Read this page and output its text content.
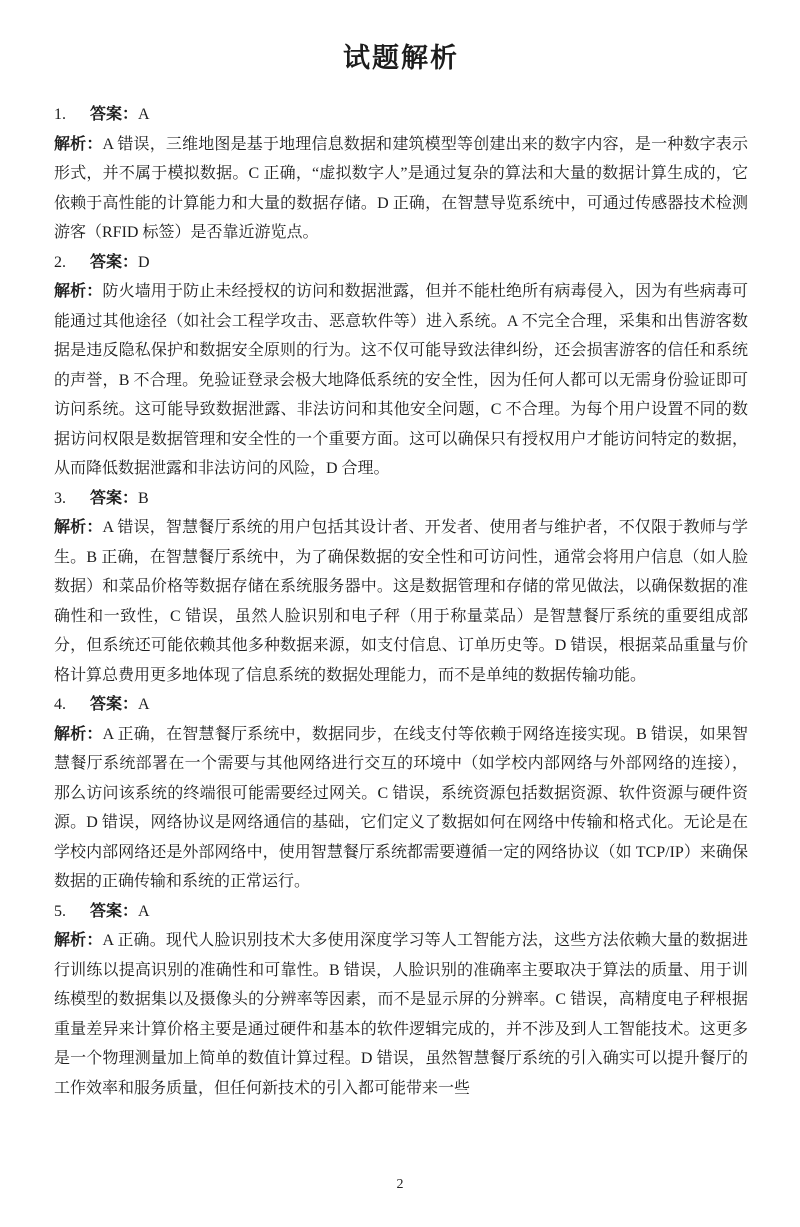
试题解析
1. 答案：A

解析：A 错误，三维地图是基于地理信息数据和建筑模型等创建出来的数字内容，是一种数字表示形式，并不属于模拟数据。C 正确，“虚拟数字人”是通过复杂的算法和大量的数据计算生成的，它依赖于高性能的计算能力和大量的数据存储。D 正确，在智慧导览系统中，可通过传感器技术检测游客（RFID 标签）是否靠近游览点。

2. 答案：D

解析：防火墙用于防止未经授权的访问和数据泄露，但并不能杜绝所有病毒侵入，因为有些病毒可能通过其他途径（如社会工程学攻击、恶意软件等）进入系统。A 不完全合理，采集和出售游客数据是违反隐私保护和数据安全原则的行为。这不仅可能导致法律纠纷，还会损害游客的信任和系统的声誉，B 不合理。免验证登录会极大地降低系统的安全性，因为任何人都可以无需身份验证即可访问系统。这可能导致数据泄露、非法访问和其他安全问题，C 不合理。为每个用户设置不同的数据访问权限是数据管理和安全性的一个重要方面。这可以确保只有授权用户才能访问特定的数据，从而降低数据泄露和非法访问的风险，D 合理。

3. 答案：B

解析：A 错误，智慧餐厅系统的用户包括其设计者、开发者、使用者与维护者，不仅限于教师与学生。B 正确，在智慧餐厅系统中，为了确保数据的安全性和可访问性，通常会将用户信息（如人脸数据）和菜品价格等数据存储在系统服务器中。这是数据管理和存储的常见做法，以确保数据的准确性和一致性，C 错误，虽然人脸识别和电子秤（用于称量菜品）是智慧餐厅系统的重要组成部分，但系统还可能依赖其他多种数据来源，如支付信息、订单历史等。D 错误，根据菜品重量与价格计算总费用更多地体现了信息系统的数据处理能力，而不是单纯的数据传输功能。

4. 答案：A

解析：A 正确，在智慧餐厅系统中，数据同步，在线支付等依赖于网络连接实现。B 错误，如果智慧餐厅系统部署在一个需要与其他网络进行交互的环境中（如学校内部网络与外部网络的连接），那么访问该系统的终端很可能需要经过网关。C 错误，系统资源包括数据资源、软件资源与硬件资源。D 错误，网络协议是网络通信的基础，它们定义了数据如何在网络中传输和格式化。无论是在学校内部网络还是外部网络中，使用智慧餐厅系统都需要遵循一定的网络协议（如 TCP/IP）来确保数据的正确传输和系统的正常运行。

5. 答案：A

解析：A 正确。现代人脸识别技术大多使用深度学习等人工智能方法，这些方法依赖大量的数据进行训练以提高识别的准确性和可靠性。B 错误，人脸识别的准确率主要取决于算法的质量、用于训练模型的数据集以及摄像头的分辨率等因素，而不是显示屏的分辨率。C 错误，高精度电子秤根据重量差异来计算价格主要是通过硬件和基本的软件逻辑完成的，并不涉及到人工智能技术。这更多是一个物理测量加上简单的数值计算过程。D 错误，虽然智慧餐厅系统的引入确实可以提升餐厅的工作效率和服务质量，但任何新技术的引入都可能带来一些

2
